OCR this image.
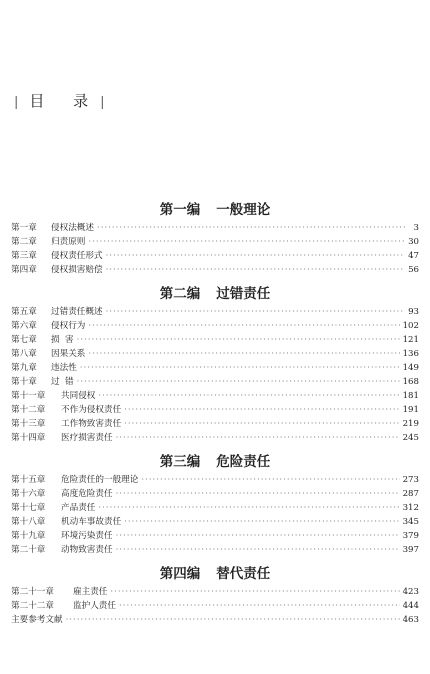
| 目 录|
第一编 一般理论
第一章	侵权法概述 ·····	3
第二章	归责原则 ·····	30
第三章	侵权责任形式 ·····	47
第四章	侵权损害赔偿 ·····	56
第二编 过错责任
第五章	过错责任概述 ·····	93
第六章	侵权行为 ·····	102
第七章	损  害 ·····	121
第八章	因果关系 ·····	136
第九章	违法性 ·····	149
第十章	过  错 ·····	168
第十一章	共同侵权 ·····	181
第十二章	不作为侵权责任 ·····	191
第十三章	工作物致害责任 ·····	219
第十四章	医疗损害责任 ·····	245
第三编 危险责任
第十五章	危险责任的一般理论 ·····	273
第十六章	高度危险责任 ·····	287
第十七章	产品责任 ·····	312
第十八章	机动车事故责任 ·····	345
第十九章	环境污染责任 ·····	379
第二十章	动物致害责任 ·····	397
第四编 替代责任
第二十一章	雇主责任 ·····	423
第二十二章	监护人责任 ·····	444
主要参考文献 ·····	463
